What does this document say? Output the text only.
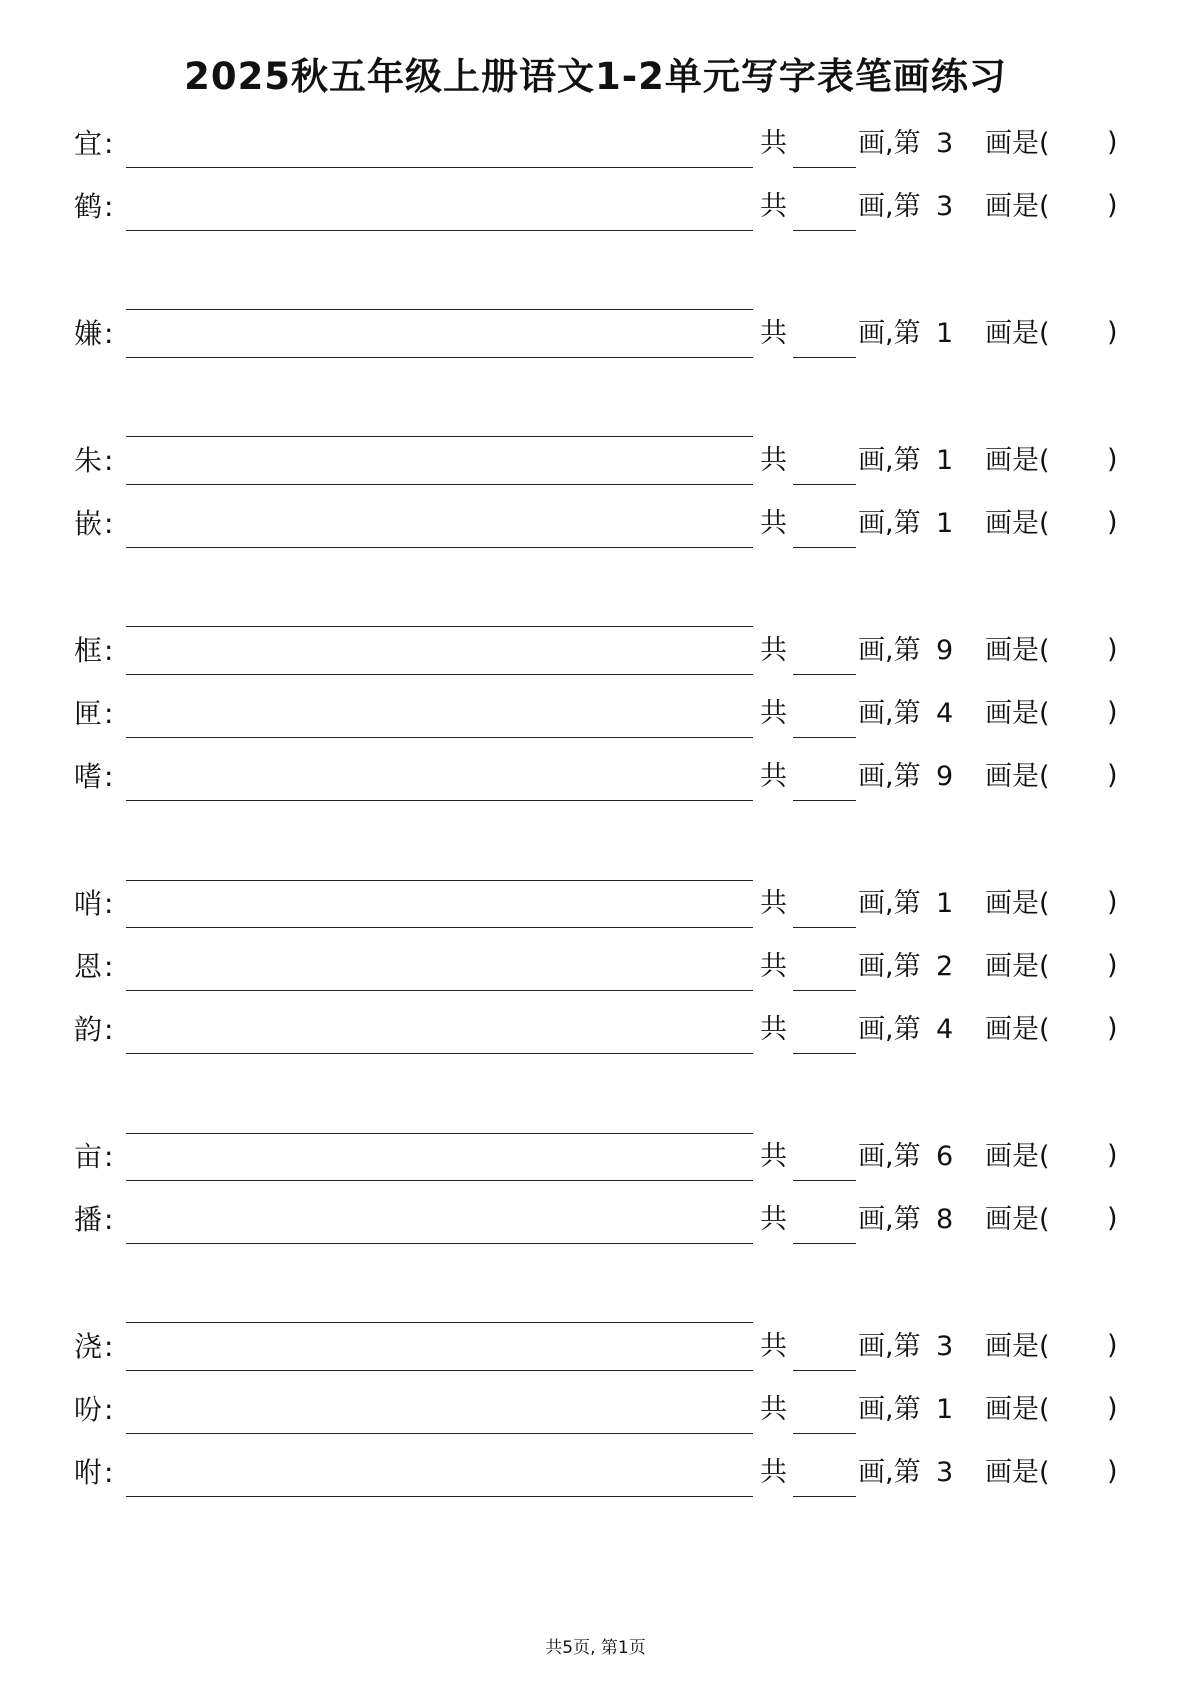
2025秋五年级上册语文1-2单元写字表笔画练习
宜 :	共	画,第 3 画是( )
鹤 :	共	画,第 3 画是( )
嫌 :	共	画,第 1 画是( )
朱 :	共	画,第 1 画是( )
嵌 :	共	画,第 1 画是( )
框 :	共	画,第 9 画是( )
匣 :	共	画,第 4 画是( )
嗜 :	共	画,第 9 画是( )
哨 :	共	画,第 1 画是( )
恩 :	共	画,第 2 画是( )
韵 :	共	画,第 4 画是( )
亩 :	共	画,第 6 画是( )
播 :	共	画,第 8 画是( )
浇 :	共	画,第 3 画是( )
吩 :	共	画,第 1 画是( )
咐 :	共	画,第 3 画是( )
共5页, 第1页
